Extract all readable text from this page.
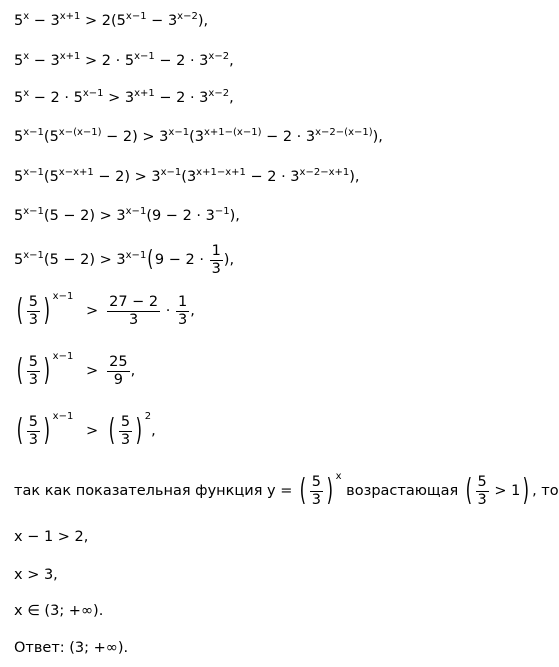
$5^x - 3^{x+1} > 2(5^{x-1} - 3^{x-2})$,
$5^x - 3^{x+1} > 2 \cdot 5^{x-1} - 2 \cdot 3^{x-2}$,
$5^x - 2 \cdot 5^{x-1} > 3^{x+1} - 2 \cdot 3^{x-2}$,
$5^{x-1}(5^{x-(x-1)} - 2) > 3^{x-1}(3^{x+1-(x-1)} - 2 \cdot 3^{x-2-(x-1)})$,
$5^{x-1}(5^{x-x+1} - 2) > 3^{x-1}(3^{x+1-x+1} - 2 \cdot 3^{x-2-x+1})$,
$5^{x-1}(5 - 2) > 3^{x-1}(9 - 2 \cdot 3^{-1})$,
$5^{x-1}(5 - 2) > 3^{x-1}(9 - 2 \cdot \frac{1}{3}$ ),
( $\frac{5}{3}$ ) $x-1 > \frac{27 - 2}{3} \cdot \frac{1}{3}$ ,
( $\frac{5}{3}$ ) $x-1 > \frac{25}{9}$ ,
( $\frac{5}{3}$ ) x−1 > ( $\frac{5}{3}$ ) 2,
так как показательная функция y = ( $\frac{5}{3}$ ) x возрастающая ( $\frac{5}{3} > 1$) , то
x − 1 > 2,
x > 3,
x ∈ (3; +∞).
Ответ: (3; +∞).
